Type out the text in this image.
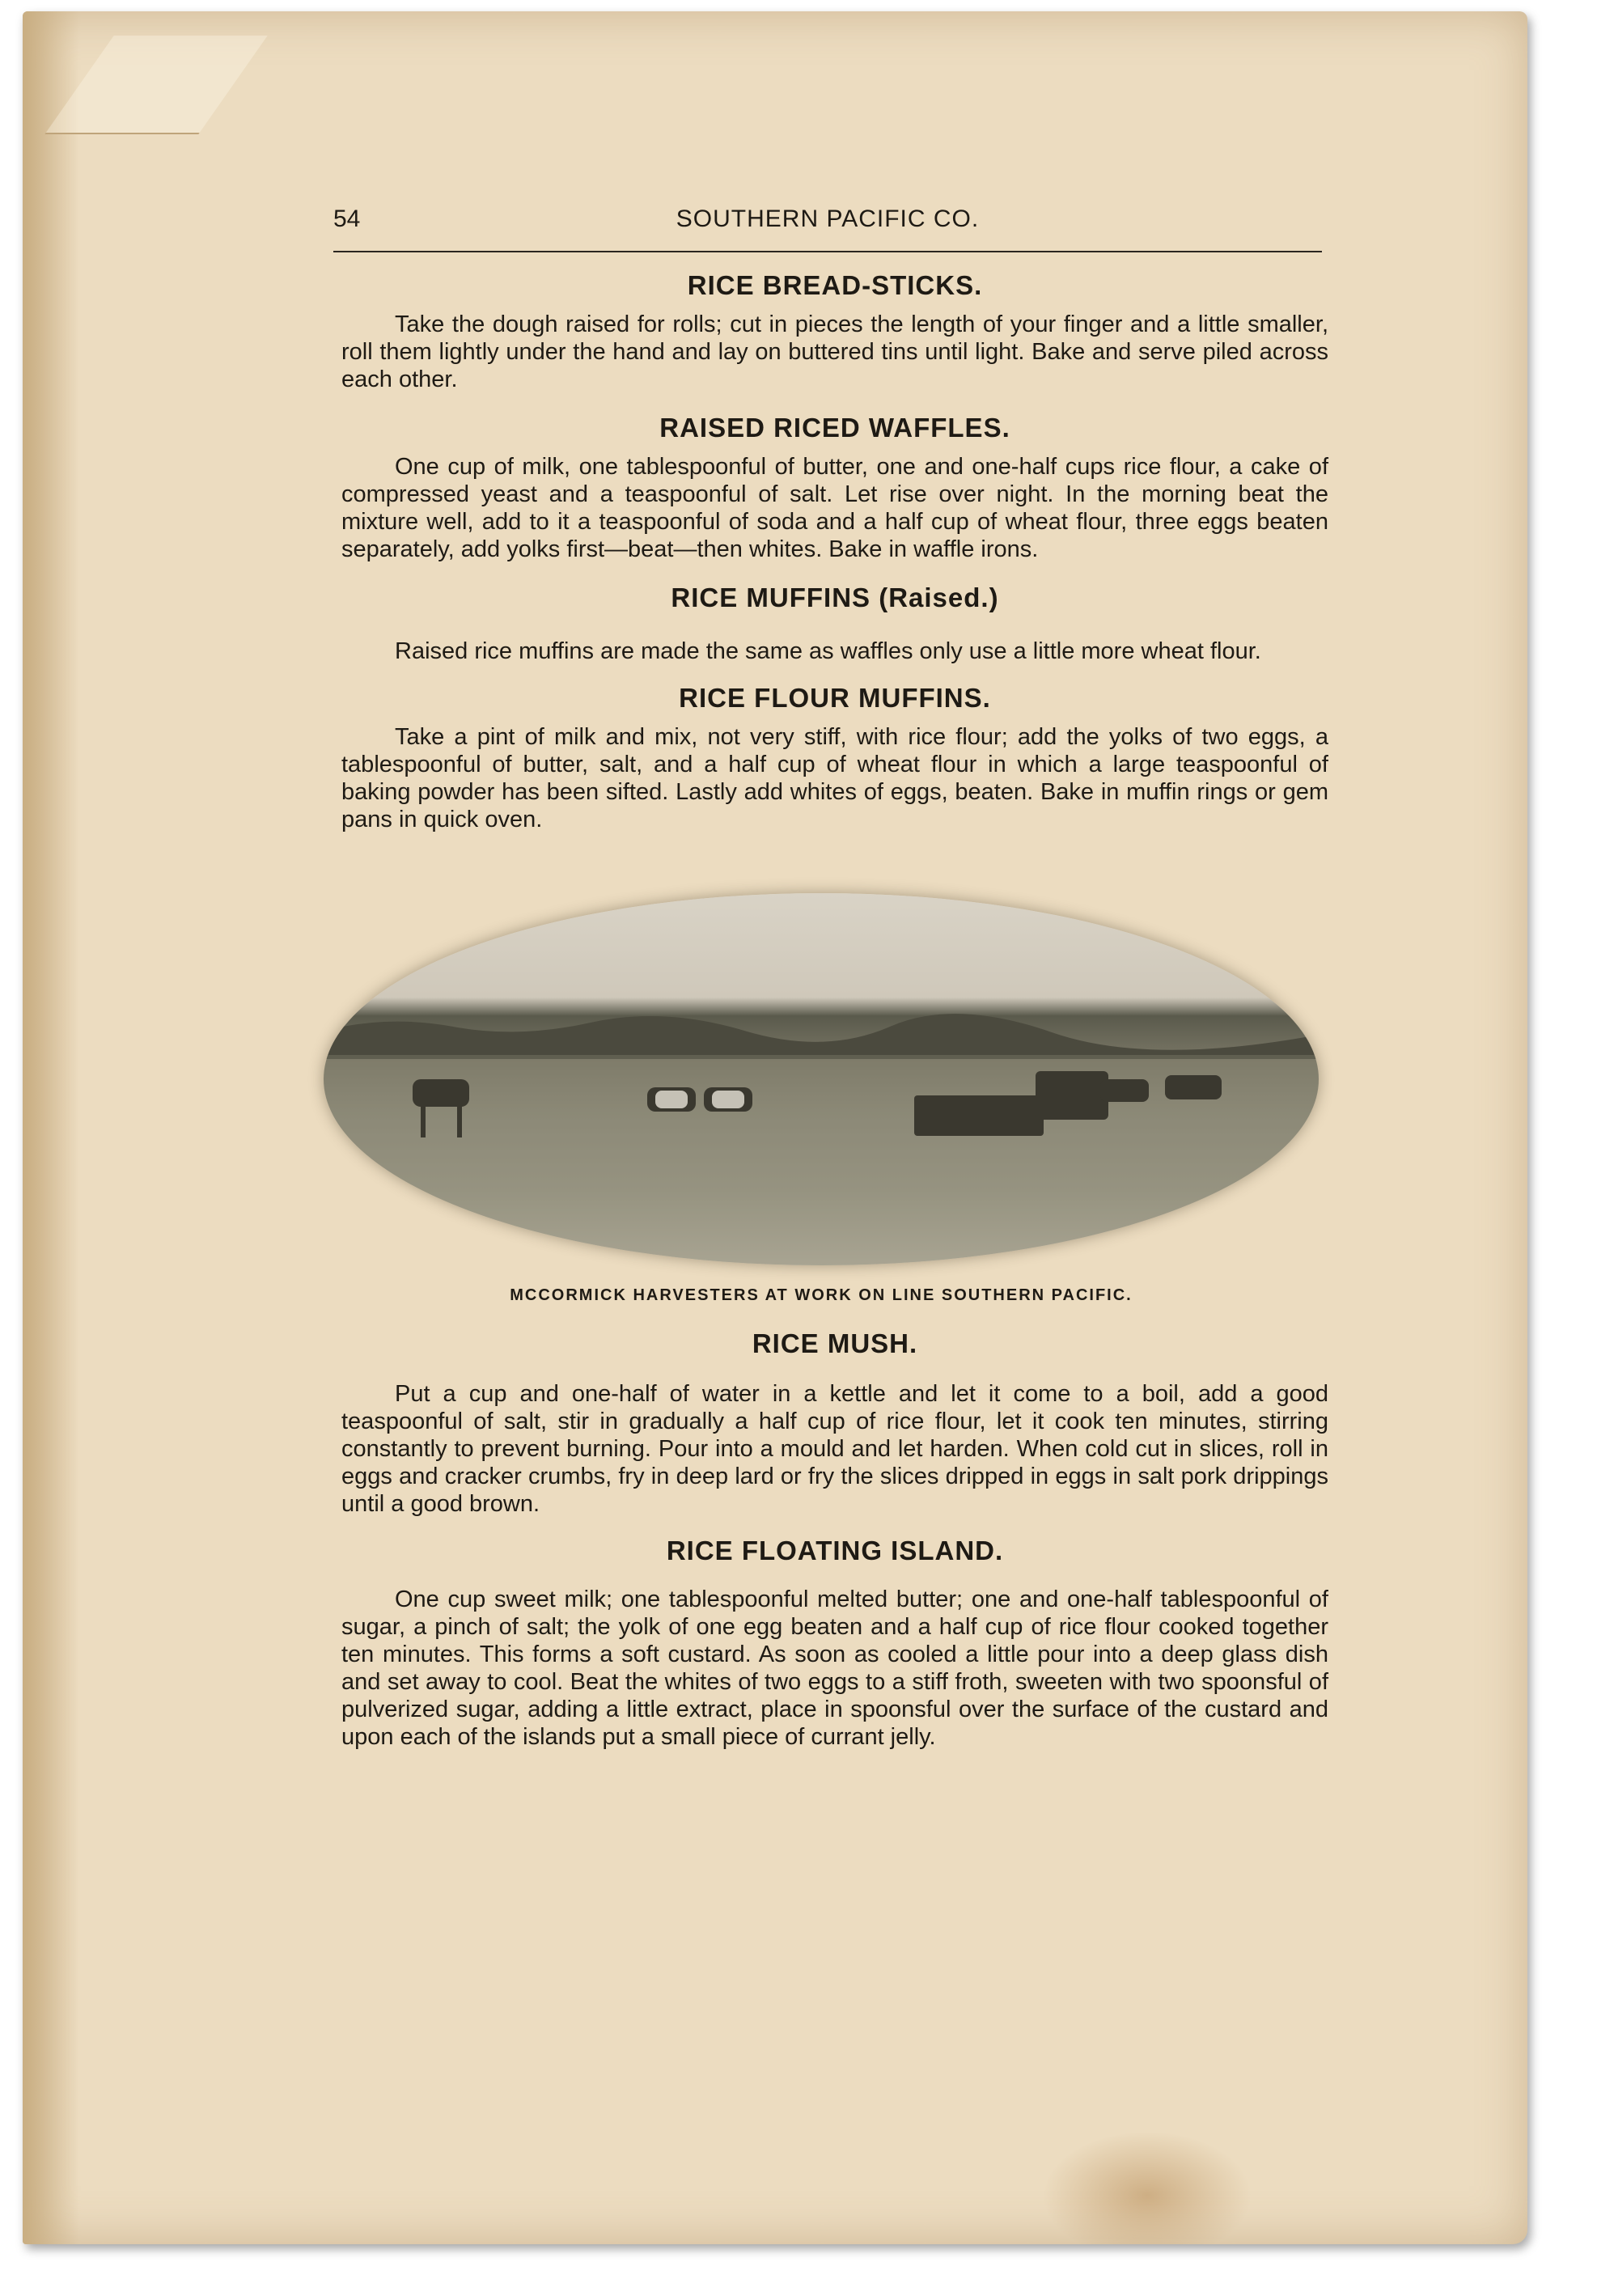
54	SOUTHERN PACIFIC CO.
RICE BREAD-STICKS.

Take the dough raised for rolls; cut in pieces the length of your finger and a little smaller, roll them lightly under the hand and lay on buttered tins until light. Bake and serve piled across each other.

RAISED RICED WAFFLES.

One cup of milk, one tablespoonful of butter, one and one-half cups rice flour, a cake of compressed yeast and a teaspoonful of salt. Let rise over night. In the morning beat the mixture well, add to it a teaspoonful of soda and a half cup of wheat flour, three eggs beaten separately, add yolks first—beat—then whites. Bake in waffle irons.

RICE MUFFINS (Raised.)

Raised rice muffins are made the same as waffles only use a little more wheat flour.

RICE FLOUR MUFFINS.

Take a pint of milk and mix, not very stiff, with rice flour; add the yolks of two eggs, a tablespoonful of butter, salt, and a half cup of wheat flour in which a large teaspoonful of baking powder has been sifted. Lastly add whites of eggs, beaten. Bake in muffin rings or gem pans in quick oven.

MCCORMICK HARVESTERS AT WORK ON LINE SOUTHERN PACIFIC.
RICE MUSH.

Put a cup and one-half of water in a kettle and let it come to a boil, add a good teaspoonful of salt, stir in gradually a half cup of rice flour, let it cook ten minutes, stirring constantly to prevent burning. Pour into a mould and let harden. When cold cut in slices, roll in eggs and cracker crumbs, fry in deep lard or fry the slices dripped in eggs in salt pork drippings until a good brown.

RICE FLOATING ISLAND.

One cup sweet milk; one tablespoonful melted butter; one and one-half tablespoonful of sugar, a pinch of salt; the yolk of one egg beaten and a half cup of rice flour cooked together ten minutes. This forms a soft custard. As soon as cooled a little pour into a deep glass dish and set away to cool. Beat the whites of two eggs to a stiff froth, sweeten with two spoonsful of pulverized sugar, adding a little extract, place in spoonsful over the surface of the custard and upon each of the islands put a small piece of currant jelly.
